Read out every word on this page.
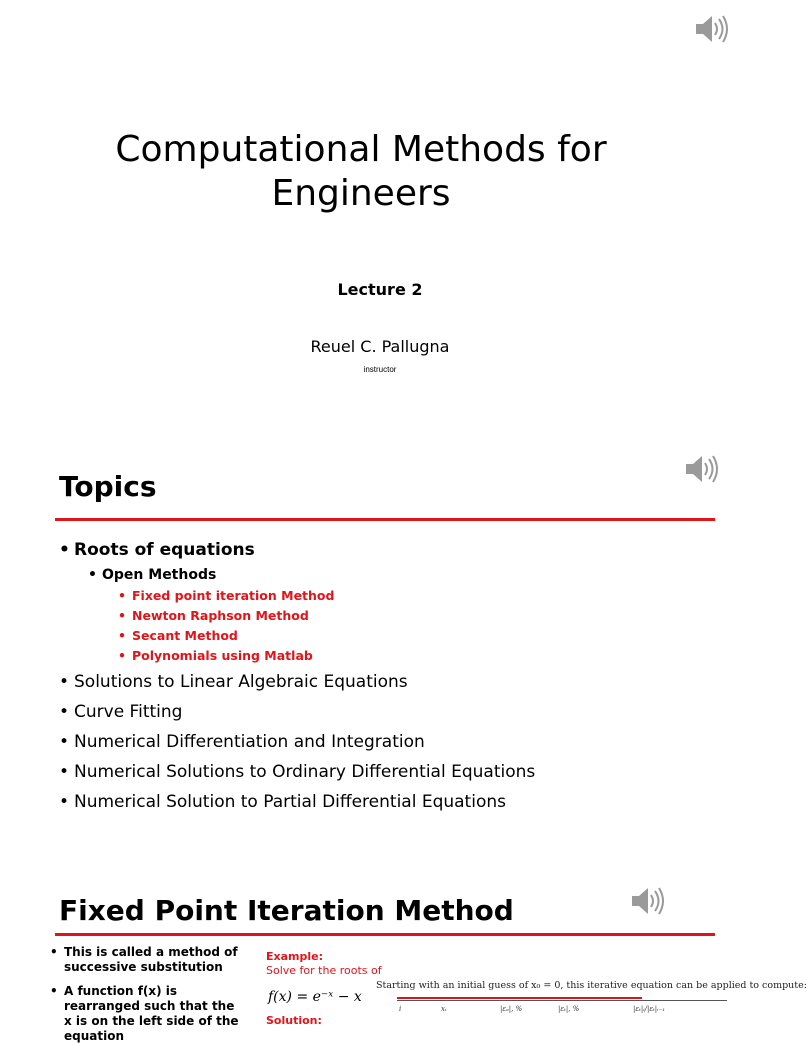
Computational Methods for
Engineers
Lecture 2
Reuel C. Pallugna
instructor
Topics
• Roots of equations
• Open Methods
• Fixed point iteration Method
• Newton Raphson Method
• Secant Method
• Polynomials using Matlab
• Solutions to Linear Algebraic Equations
• Curve Fitting
• Numerical Differentiation and Integration
• Numerical Solutions to Ordinary Differential Equations
• Numerical Solution to Partial Differential Equations
Fixed Point Iteration Method
• This is called a method of successive substitution
• A function f(x) is rearranged such that the x is on the left side of the equation
Example:
Solve for the roots of
f(x) = e⁻ˣ − x
Solution:
Starting with an initial guess of x₀ = 0, this iterative equation can be applied to compute:
i	xᵢ	|εₐ|, %	|εₜ|, %	|εₜ|ᵢ/|εₜ|ᵢ₋₁
